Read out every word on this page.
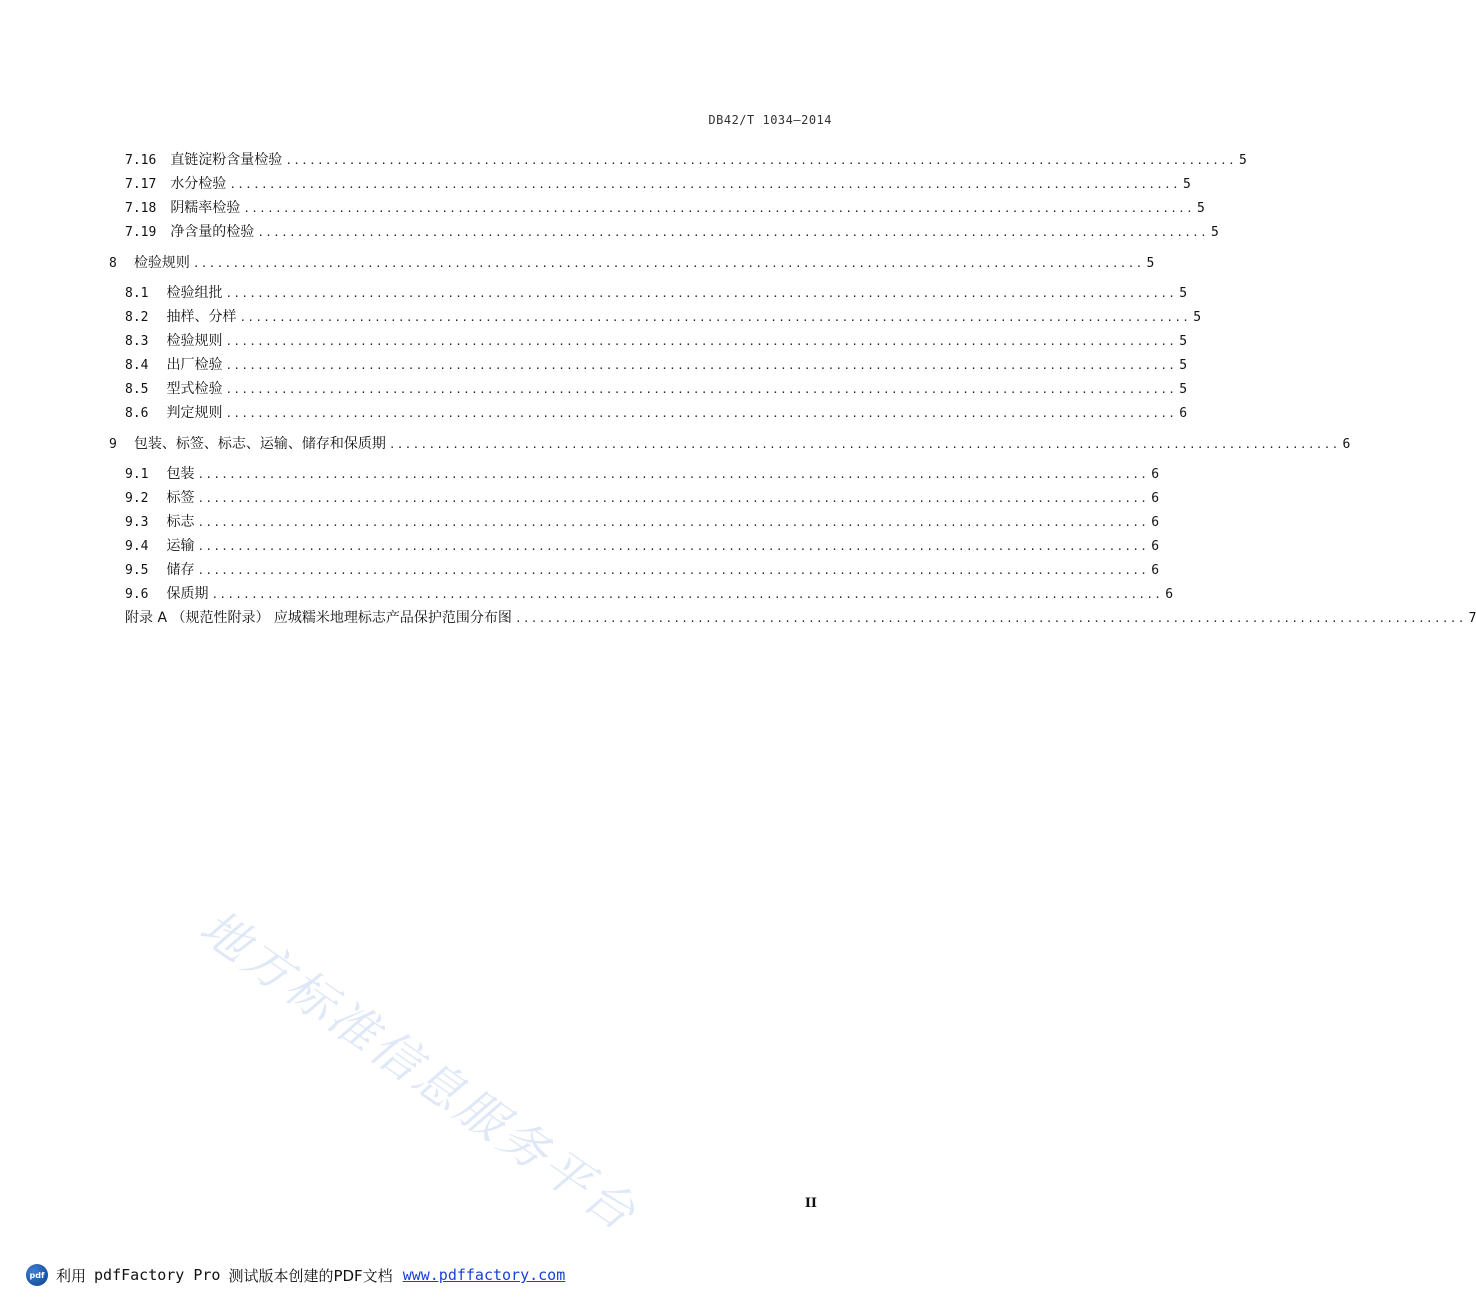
DB42/T 1034—2014
7.16 直链淀粉含量检验 ........................................................................................................................ 5
7.17 水分检验 ........................................................................................................................ 5
7.18 阴糯率检验 ........................................................................................................................ 5
7.19 净含量的检验 ........................................................................................................................ 5
8 检验规则 ........................................................................................................................ 5
8.1 检验组批 ........................................................................................................................ 5
8.2 抽样、分样 ........................................................................................................................ 5
8.3 检验规则 ........................................................................................................................ 5
8.4 出厂检验 ........................................................................................................................ 5
8.5 型式检验 ........................................................................................................................ 5
8.6 判定规则 ........................................................................................................................ 6
9 包装、标签、标志、运输、储存和保质期 ........................................................................................................................ 6
9.1 包装 ........................................................................................................................ 6
9.2 标签 ........................................................................................................................ 6
9.3 标志 ........................................................................................................................ 6
9.4 运输 ........................................................................................................................ 6
9.5 储存 ........................................................................................................................ 6
9.6 保质期 ........................................................................................................................ 6
附录 A （规范性附录） 应城糯米地理标志产品保护范围分布图 ........................................................................................................................ 7
地方标准信息服务平台	II
pdf 利用 pdfFactory Pro 测试版本创建的PDF文档 www.pdffactory.com
